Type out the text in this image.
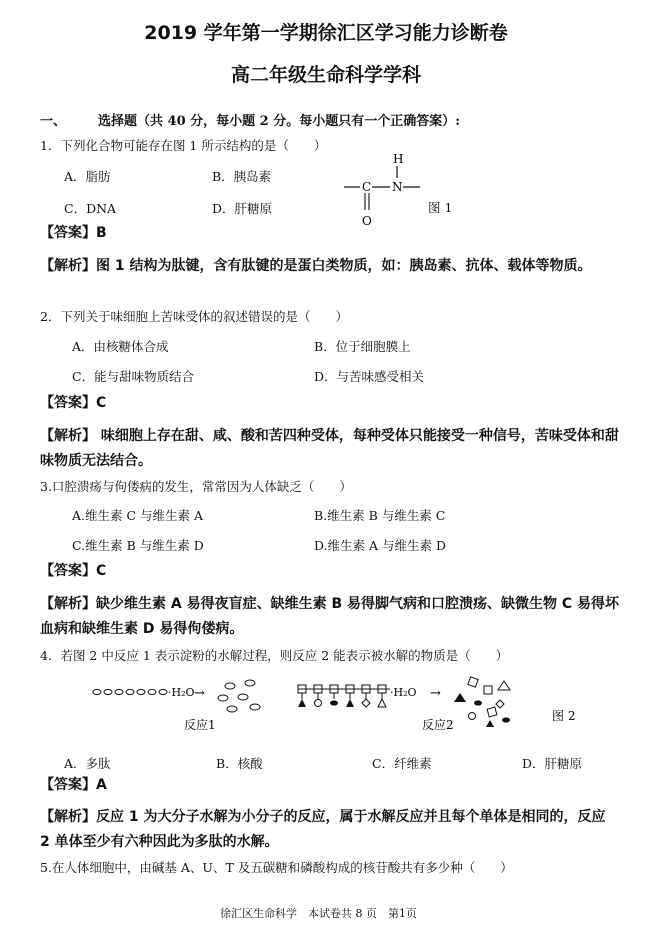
2019 学年第一学期徐汇区学习能力诊断卷
高二年级生命科学学科
一、 选择题（共 40 分，每小题 2 分。每小题只有一个正确答案）:
1．下列化合物可能存在图 1 所示结构的是（　　）
A．脂肪	B．胰岛素
C．DNA	D．肝糖原
H
C N
O
图 1
【答案】B
【解析】图 1 结构为肽键，含有肽键的是蛋白类物质，如：胰岛素、抗体、载体等物质。
2．下列关于味细胞上苦味受体的叙述错误的是（　　）
A．由核糖体合成	B．位于细胞膜上
C．能与甜味物质结合	D．与苦味感受相关
【答案】C
【解析】 味细胞上存在甜、咸、酸和苦四种受体，每种受体只能接受一种信号，苦味受体和甜味物质无法结合。
3.口腔溃疡与佝偻病的发生，常常因为人体缺乏（　　）
A.维生素 C 与维生素 A	B.维生素 B 与维生素 C
C.维生素 B 与维生素 D	D.维生素 A 与维生素 D
【答案】C
【解析】缺少维生素 A 易得夜盲症、缺维生素 B 易得脚气病和口腔溃疡、缺微生物 C 易得坏血病和缺维生素 D 易得佝偻病。
4．若图 2 中反应 1 表示淀粉的水解过程，则反应 2 能表示被水解的物质是（　　）
·H₂O →
反应1
·H₂O →
反应2
图 2
A．多肽	B．核酸	C．纤维素	D．肝糖原
【答案】A
【解析】反应 1 为大分子水解为小分子的反应，属于水解反应并且每个单体是相同的，反应 2 单体至少有六种因此为多肽的水解。
5.在人体细胞中，由碱基 A、U、T 及五碳糖和磷酸构成的核苷酸共有多少种（　　）
徐汇区生命科学　本试卷共 8 页　第1页
